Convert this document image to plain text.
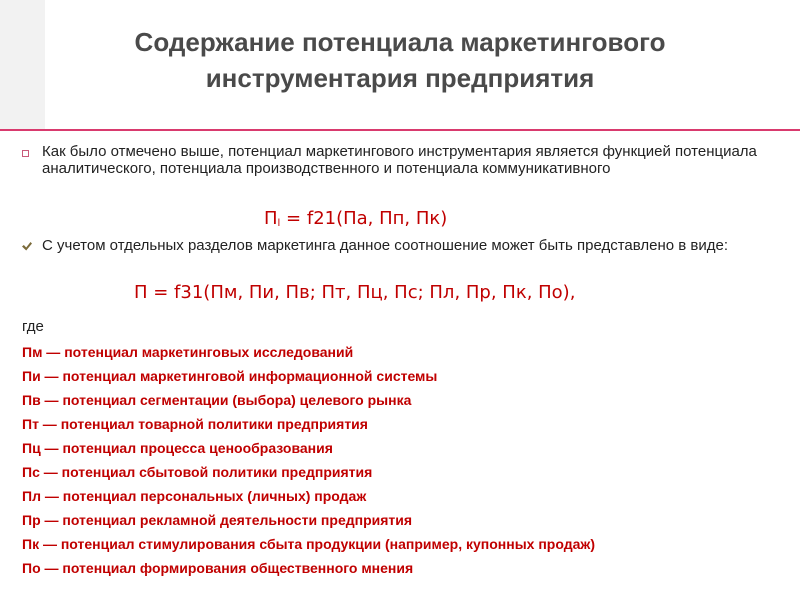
Содержание потенциала маркетингового
инструментария предприятия
Как было отмечено выше, потенциал маркетингового инструментария является функцией потенциала аналитического, потенциала производственного и потенциала коммуникативного
$П_l = f21(Па$, Пп, Пк)
С учетом отдельных разделов маркетинга данное соотношение может быть представлено в виде:
П = f31(Пм, Пи, Пв; Пт, Пц, Пс; Пл, Пр, Пк, По),
где
Пм — потенциал маркетинговых исследований
Пи — потенциал маркетинговой информационной системы
Пв — потенциал сегментации (выбора) целевого рынка
Пт — потенциал товарной политики предприятия
Пц — потенциал процесса ценообразования
Пс — потенциал сбытовой политики предприятия
Пл — потенциал персональных (личных) продаж
Пр — потенциал рекламной деятельности предприятия
Пк — потенциал стимулирования сбыта продукции (например, купонных продаж)
По — потенциал формирования общественного мнения
